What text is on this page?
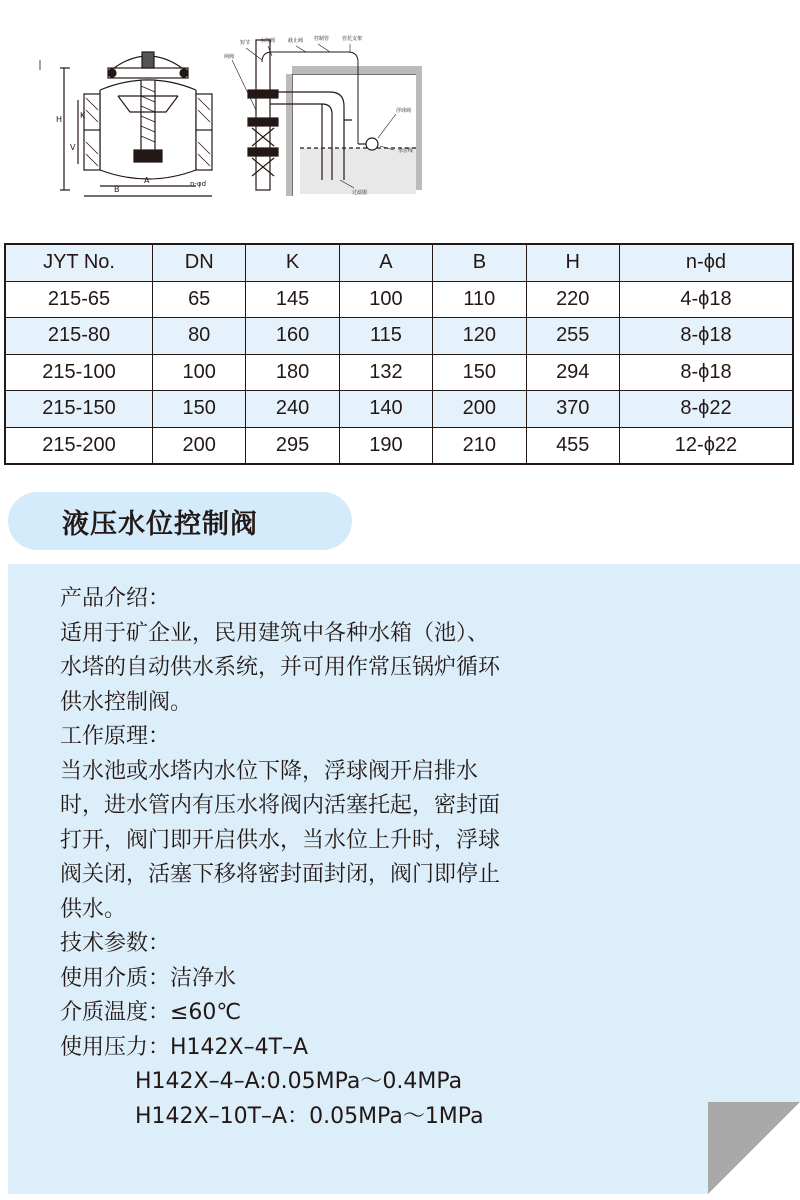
H K
V
A
B
n-φd
闸阀
短节 水控阀	截止阀 控制管	管托支架
浮球阀
水位线
过滤器
JYT No.	DN	K	A	B	H	n-ϕd
215-65	65	145	100	110	220	4-ϕ18
215-80	80	160	115	120	255	8-ϕ18
215-100	100	180	132	150	294	8-ϕ18
215-150	150	240	140	200	370	8-ϕ22
215-200	200	295	190	210	455	12-ϕ22
液压水位控制阀

产品介绍：

适用于矿企业，民用建筑中各种水箱（池）、

水塔的自动供水系统，并可用作常压锅炉循环

供水控制阀。

工作原理：

当水池或水塔内水位下降，浮球阀开启排水

时，进水管内有压水将阀内活塞托起，密封面

打开，阀门即开启供水，当水位上升时，浮球

阀关闭，活塞下移将密封面封闭，阀门即停止

供水。

技术参数：

使用介质：洁净水

介质温度：≤60℃

使用压力：H142X–4T–A

H142X–4–A:0.05MPa～0.4MPa

H142X–10T–A：0.05MPa～1MPa
